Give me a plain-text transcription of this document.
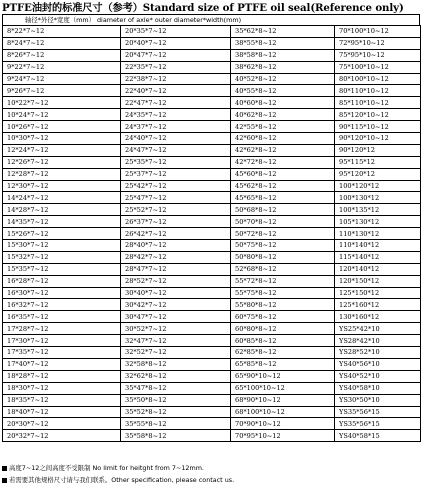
PTFE油封的标准尺寸（参考）Standard size of PTFE oil seal(Reference only)
轴径*外径*宽度（mm） diameter of axle* outer diameter*width(mm)
8*22*7~12	20*35*7~12	35*62*8~12	70*100*10~12
8*24*7~12	20*40*7~12	38*55*8~12	72*95*10~12
8*26*7~12	20*47*7~12	38*58*8~12	75*95*10~12
9*22*7~12	22*35*7~12	38*62*8~12	75*100*10~12
9*24*7~12	22*38*7~12	40*52*8~12	80*100*10~12
9*26*7~12	22*40*7~12	40*55*8~12	80*110*10~12
10*22*7~12	22*47*7~12	40*60*8~12	85*110*10~12
10*24*7~12	24*35*7~12	40*62*8~12	85*120*10~12
10*26*7~12	24*37*7~12	42*55*8~12	90*115*10~12
10*30*7~12	24*40*7~12	42*60*8~12	90*120*10~12
12*24*7~12	24*47*7~12	42*62*8~12	90*120*12
12*26*7~12	25*35*7~12	42*72*8~12	95*115*12
12*28*7~12	25*37*7~12	45*60*8~12	95*120*12
12*30*7~12	25*42*7~12	45*62*8~12	100*120*12
14*24*7~12	25*47*7~12	45*65*8~12	100*130*12
14*28*7~12	25*52*7~12	50*68*8~12	100*135*12
14*35*7~12	26*37*7~12	50*70*8~12	105*130*12
15*26*7~12	26*42*7~12	50*72*8~12	110*130*12
15*30*7~12	28*40*7~12	50*75*8~12	110*140*12
15*32*7~12	28*42*7~12	50*80*8~12	115*140*12
15*35*7~12	28*47*7~12	52*68*8~12	120*140*12
16*28*7~12	28*52*7~12	55*72*8~12	120*150*12
16*30*7~12	30*40*7~12	55*75*8~12	125*150*12
16*32*7~12	30*42*7~12	55*80*8~12	125*160*12
16*35*7~12	30*47*7~12	60*75*8~12	130*160*12
17*28*7~12	30*52*7~12	60*80*8~12	YS25*42*10
17*30*7~12	32*47*7~12	60*85*8~12	YS28*42*10
17*35*7~12	32*52*7~12	62*85*8~12	YS28*52*10
17*40*7~12	32*58*8~12	65*85*8~12	YS40*56*10
18*28*7~12	32*62*8~12	65*90*10~12	YS40*52*10
18*30*7~12	35*47*8~12	65*100*10~12	YS40*58*10
18*35*7~12	35*50*8~12	68*90*10~12	YS30*50*10
18*40*7~12	35*52*8~12	68*100*10~12	YS35*56*15
20*30*7~12	35*55*8~12	70*90*10~12	YS35*56*15
20*32*7~12	35*58*8~12	70*95*10~12	YS40*58*15
高度7~12之间高度不受限制 No limit for heitght from 7~12mm.
若需要其他规格尺寸请与我们联系。Other specification, please contact us.
